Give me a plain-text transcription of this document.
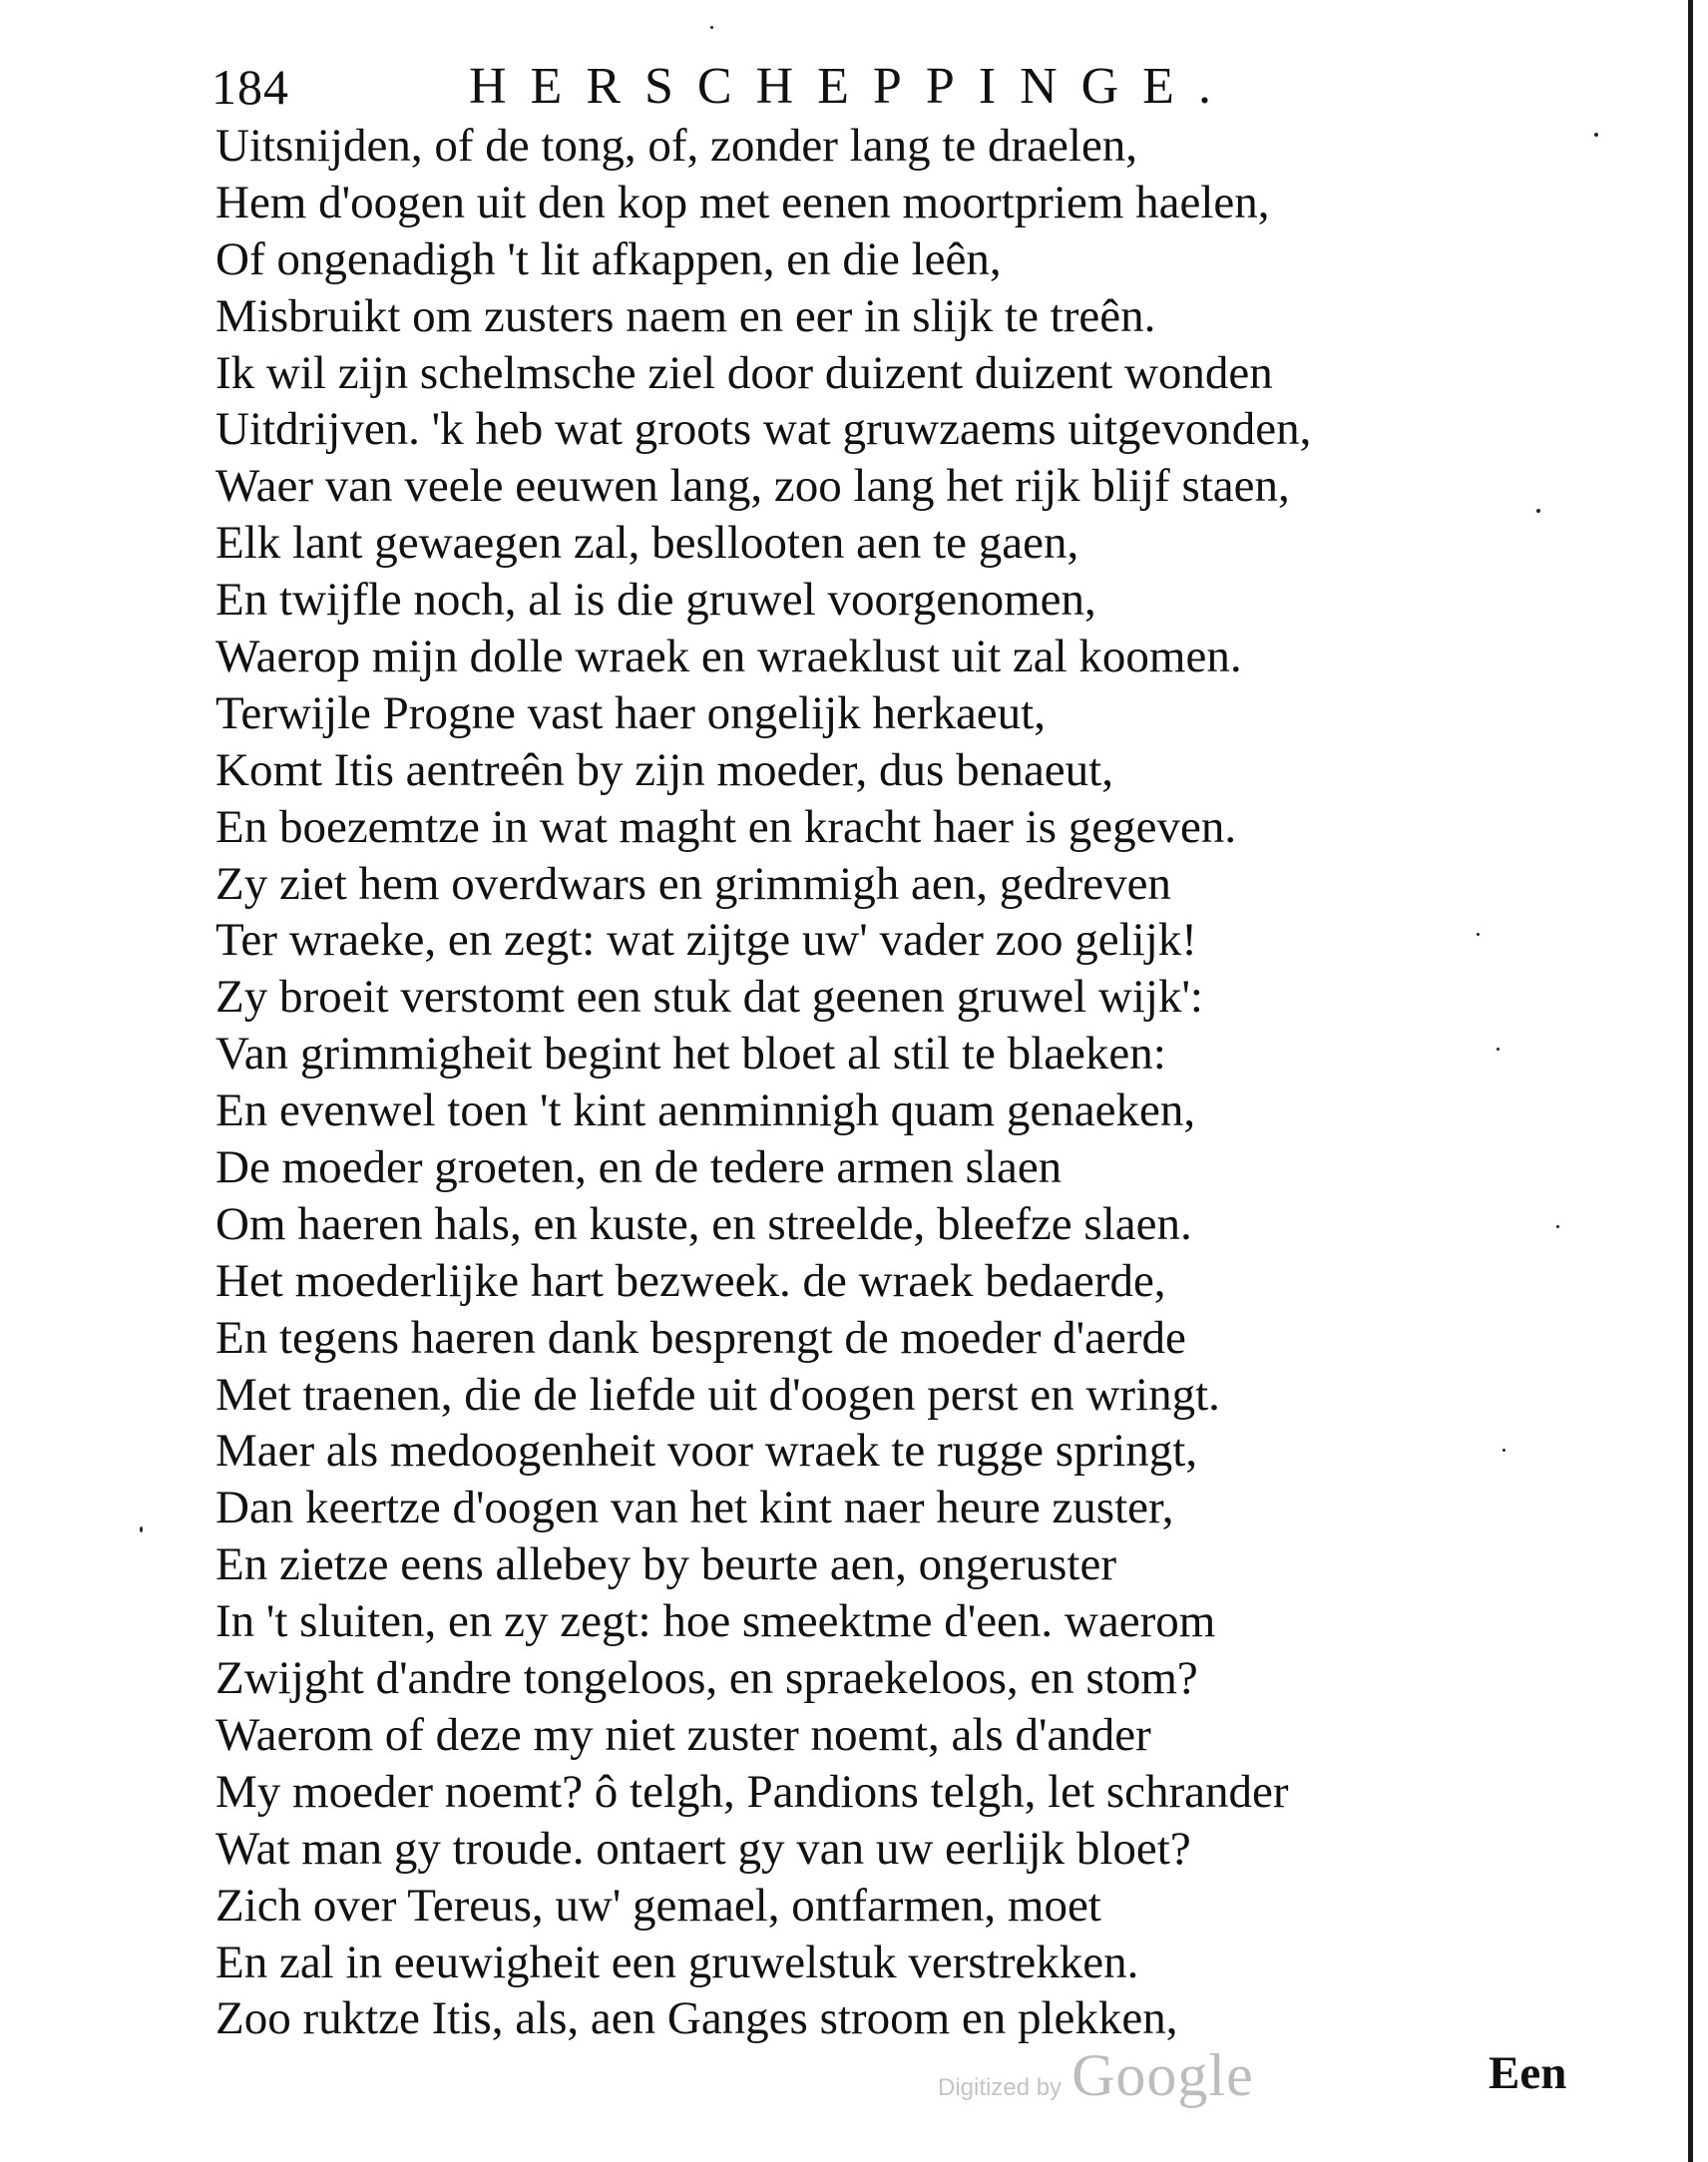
184	HERSCHEPPINGE.
Uitsnijden, of de tong, of, zonder lang te draelen,
Hem d'oogen uit den kop met eenen moortpriem haelen,
Of ongenadigh 't lit afkappen, en die leên,
Misbruikt om zusters naem en eer in slijk te treên.
Ik wil zijn schelmsche ziel door duizent duizent wonden
Uitdrijven. 'k heb wat groots wat gruwzaems uitgevonden,
Waer van veele eeuwen lang, zoo lang het rijk blijf staen,
Elk lant gewaegen zal, besllooten aen te gaen,
En twijfle noch, al is die gruwel voorgenomen,
Waerop mijn dolle wraek en wraeklust uit zal koomen.
Terwijle Progne vast haer ongelijk herkaeut,
Komt Itis aentreên by zijn moeder, dus benaeut,
En boezemtze in wat maght en kracht haer is gegeven.
Zy ziet hem overdwars en grimmigh aen, gedreven
Ter wraeke, en zegt: wat zijtge uw' vader zoo gelijk!
Zy broeit verstomt een stuk dat geenen gruwel wijk':
Van grimmigheit begint het bloet al stil te blaeken:
En evenwel toen 't kint aenminnigh quam genaeken,
De moeder groeten, en de tedere armen slaen
Om haeren hals, en kuste, en streelde, bleefze slaen.
Het moederlijke hart bezweek. de wraek bedaerde,
En tegens haeren dank besprengt de moeder d'aerde
Met traenen, die de liefde uit d'oogen perst en wringt.
Maer als medoogenheit voor wraek te rugge springt,
Dan keertze d'oogen van het kint naer heure zuster,
En zietze eens allebey by beurte aen, ongeruster
In 't sluiten, en zy zegt: hoe smeektme d'een. waerom
Zwijght d'andre tongeloos, en spraekeloos, en stom?
Waerom of deze my niet zuster noemt, als d'ander
My moeder noemt? ô telgh, Pandions telgh, let schrander
Wat man gy troude. ontaert gy van uw eerlijk bloet?
Zich over Tereus, uw' gemael, ontfarmen, moet
En zal in eeuwigheit een gruwelstuk verstrekken.
Zoo ruktze Itis, als, aen Ganges stroom en plekken,
Digitized by Google	Een
